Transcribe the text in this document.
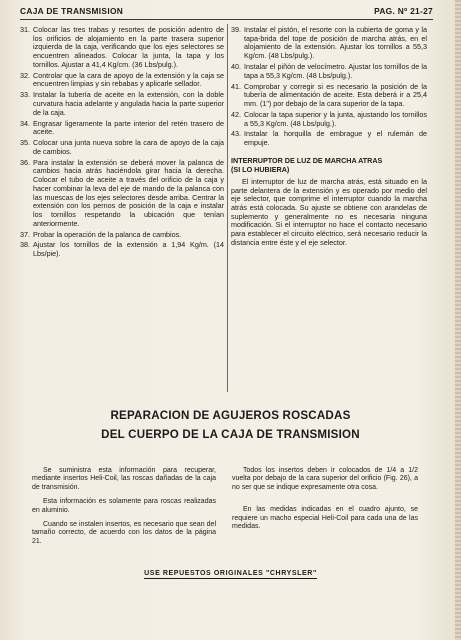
CAJA DE TRANSMISION	PAG. Nº 21-27
31. Colocar las tres trabas y resortes de posición adentro de los orificios de alojamiento en la parte trasera superior izquierda de la caja, verificando que los ejes selectores se encuentren alineados. Colocar la junta, la tapa y los tornillos. Ajustar a 41,4 Kg/cm. (36 Lbs/pulg.).
32. Controlar que la cara de apoyo de la extensión y la caja se encuentren limpias y sin rebabas y aplicarle sellador.
33. Instalar la tubería de aceite en la extensión, con la doble curvatura hacia adelante y angulada hacia la parte superior de la caja.
34. Engrasar ligeramente la parte interior del retén trasero de aceite.
35. Colocar una junta nueva sobre la cara de apoyo de la caja de cambios.
36. Para instalar la extensión se deberá mover la palanca de cambios hacia atrás haciéndola girar hacia la derecha. Colocar el tubo de aceite a través del orificio de la caja y hacer combinar la leva del eje de mando de la palanca con las muescas de los ejes selectores desde arriba. Centrar la extensión con los pernos de posición de la caja e instalar los tornillos respetando la ubicación que tenían anteriormente.
37. Probar la operación de la palanca de cambios.
38. Ajustar los tornillos de la extensión a 1,94 Kg/m. (14 Lbs/pie).
39. Instalar el pistón, el resorte con la cubierta de goma y la tapa-brida del tope de posición de marcha atrás, en el alojamiento de la extensión. Ajustar los tornillos a 55,3 Kg/cm. (48 Lbs/pulg.).
40. Instalar el piñón de velocímetro. Ajustar los tornillos de la tapa a 55,3 Kg/cm. (48 Lbs/pulg.).
41. Comprobar y corregir si es necesario la posición de la tubería de alimentación de aceite. Esta deberá ir a 25,4 mm. (1") por debajo de la cara superior de la tapa.
42. Colocar la tapa superior y la junta, ajustando los tornillos a 55,3 Kg/cm. (48 Lbs/pulg.).
43. Instalar la horquilla de embrague y el rulemán de empuje.
INTERRUPTOR DE LUZ DE MARCHA ATRAS
(SI LO HUBIERA)
El interruptor de luz de marcha atrás, está situado en la parte delantera de la extensión y es operado por medio del eje selector, que comprime el interruptor cuando la marcha atrás está colocada. Su ajuste se obtiene con arandelas de suplemento y generalmente no es necesaria ninguna modificación. Si el interruptor no hace el contacto necesario para establecer el circuito eléctrico, será necesario reducir la distancia entre éste y el eje selector.
REPARACION DE AGUJEROS ROSCADAS
DEL CUERPO DE LA CAJA DE TRANSMISION

Se suministra esta información para recuperar, mediante insertos Heli-Coil, las roscas dañadas de la caja de transmisión.

Esta información es solamente para roscas realizadas en aluminio.

Cuando se instalen insertos, es necesario que sean del tamaño correcto, de acuerdo con los datos de la página 21.

Todos los insertos deben ir colocados de 1/4 a 1/2 vuelta por debajo de la cara superior del orificio (Fig. 26), a no ser que se indique expresamente otra cosa.

En las medidas indicadas en el cuadro ajunto, se requiere un macho especial Heli-Coil para cada una de las medidas.

USE REPUESTOS ORIGINALES "CHRYSLER"
